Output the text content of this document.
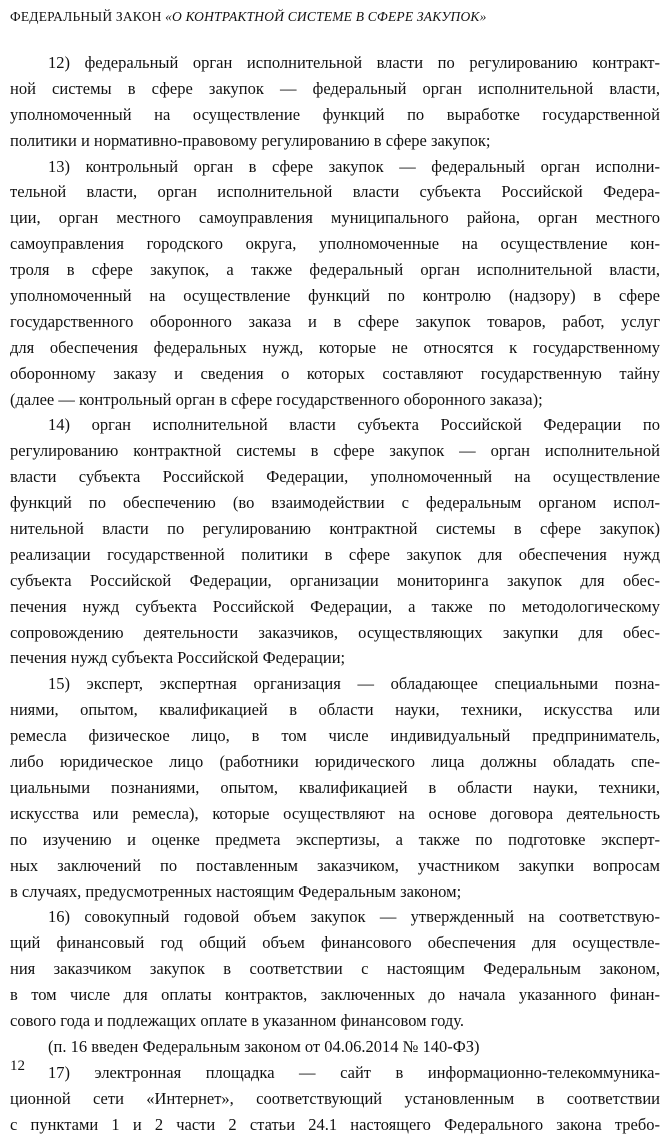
ФЕДЕРАЛЬНЫЙ ЗАКОН «О КОНТРАКТНОЙ СИСТЕМЕ В СФЕРЕ ЗАКУПОК»
12) федеральный орган исполнительной власти по регулированию контракт-
ной системы в сфере закупок — федеральный орган исполнительной власти,
уполномоченный на осуществление функций по выработке государственной
политики и нормативно-правовому регулированию в сфере закупок;
13) контрольный орган в сфере закупок — федеральный орган исполни-
тельной власти, орган исполнительной власти субъекта Российской Федера-
ции, орган местного самоуправления муниципального района, орган местного
самоуправления городского округа, уполномоченные на осуществление кон-
троля в сфере закупок, а также федеральный орган исполнительной власти,
уполномоченный на осуществление функций по контролю (надзору) в сфере
государственного оборонного заказа и в сфере закупок товаров, работ, услуг
для обеспечения федеральных нужд, которые не относятся к государственному
оборонному заказу и сведения о которых составляют государственную тайну
(далее — контрольный орган в сфере государственного оборонного заказа);
14) орган исполнительной власти субъекта Российской Федерации по
регулированию контрактной системы в сфере закупок — орган исполнительной
власти субъекта Российской Федерации, уполномоченный на осуществление
функций по обеспечению (во взаимодействии с федеральным органом испол-
нительной власти по регулированию контрактной системы в сфере закупок)
реализации государственной политики в сфере закупок для обеспечения нужд
субъекта Российской Федерации, организации мониторинга закупок для обес-
печения нужд субъекта Российской Федерации, а также по методологическому
сопровождению деятельности заказчиков, осуществляющих закупки для обес-
печения нужд субъекта Российской Федерации;
15) эксперт, экспертная организация — обладающее специальными позна-
ниями, опытом, квалификацией в области науки, техники, искусства или
ремесла физическое лицо, в том числе индивидуальный предприниматель,
либо юридическое лицо (работники юридического лица должны обладать спе-
циальными познаниями, опытом, квалификацией в области науки, техники,
искусства или ремесла), которые осуществляют на основе договора деятельность
по изучению и оценке предмета экспертизы, а также по подготовке эксперт-
ных заключений по поставленным заказчиком, участником закупки вопросам
в случаях, предусмотренных настоящим Федеральным законом;
16) совокупный годовой объем закупок — утвержденный на соответствую-
щий финансовый год общий объем финансового обеспечения для осуществле-
ния заказчиком закупок в соответствии с настоящим Федеральным законом,
в том числе для оплаты контрактов, заключенных до начала указанного финан-
сового года и подлежащих оплате в указанном финансовом году.
(п. 16 введен Федеральным законом от 04.06.2014 № 140-ФЗ)
17) электронная площадка — сайт в информационно-телекоммуника-
ционной сети «Интернет», соответствующий установленным в соответствии
с пунктами 1 и 2 части 2 статьи 24.1 настоящего Федерального закона требо-
12
